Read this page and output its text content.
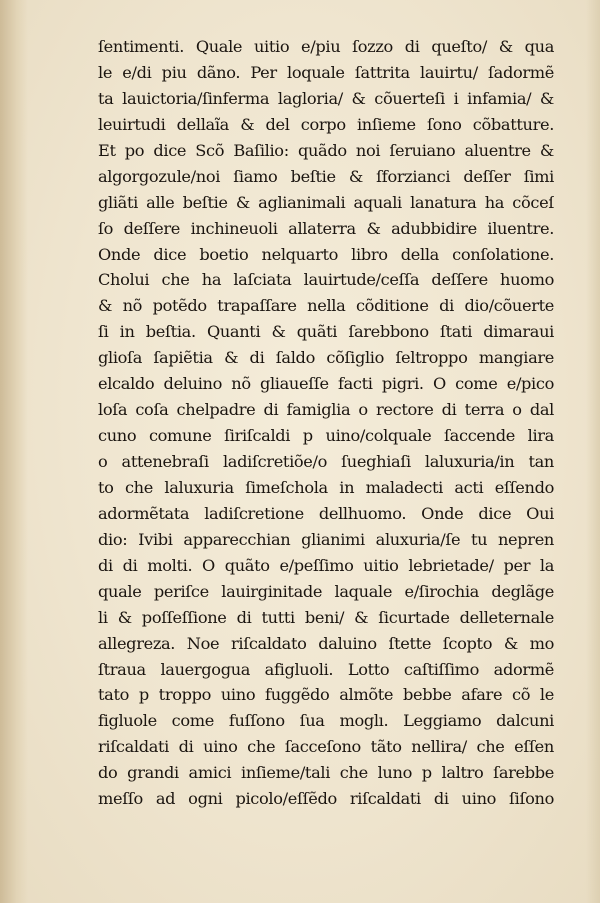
ſentimenti. Quale uitio e/piu ſozzo di queſto/ & qua
le e/di piu dãno. Per loquale ſattrita lauirtu/ ſadormẽ
ta lauictoria/ſinferma lagloria/ & cõuerteſi i infamia/ &
leuirtudi dellaĩa & del corpo inſieme ſono cõbatture.
Et po dice Scõ Baſilio: quãdo noi ſeruiano aluentre &
algorgozule/noi ſiamo beſtie & ſforzianci deſſer ſimi
gliãti alle beſtie & aglianimali aquali lanatura ha cõceſ
ſo deſſere inchineuoli allaterra & adubbidire iluentre.
Onde dice boetio nelquarto libro della conſolatione.
Cholui che ha laſciata lauirtude/ceſſa deſſere huomo
& nõ potẽdo trapaſſare nella cõditione di dio/cõuerte
ſi in beſtia. Quanti & quãti ſarebbono ſtati dimaraui
glioſa ſapiẽtia & di ſaldo cõſiglio ſeltroppo mangiare
elcaldo deluino nõ gliaueſſe facti pigri. O come e/pico
loſa coſa chelpadre di famiglia o rectore di terra o dal
cuno comune ſiriſcaldi p uino/colquale ſaccende lira
o attenebraſi ladiſcretiõe/o ſueghiaſi laluxuria/in tan
to che laluxuria ſimeſchola in maladecti acti eſſendo
adormẽtata ladiſcretione dellhuomo. Onde dice Oui
dio: Ivibi apparecchian glianimi aluxuria/ſe tu nepren
di di molti. O quãto e/peſſimo uitio lebrietade/ per la
quale periſce lauirginitade laquale e/ſirochia deglãge
li & poſſeſſione di tutti beni/ & ſicurtade delleternale
allegreza. Noe riſcaldato daluino ſtette ſcopto & mo
ſtraua lauergogua afigluoli. Lotto caſtiſſimo adormẽ
tato p troppo uino fuggẽdo almõte bebbe afare cõ le
figluole come fuſſono ſua moglı. Leggiamo dalcuni
riſcaldati di uino che ſacceſono tãto nellira/ che eſſen
do grandi amici inſieme/tali che luno p laltro ſarebbe
meſſo ad ogni picolo/eſſẽdo riſcaldati di uino ſiſono
